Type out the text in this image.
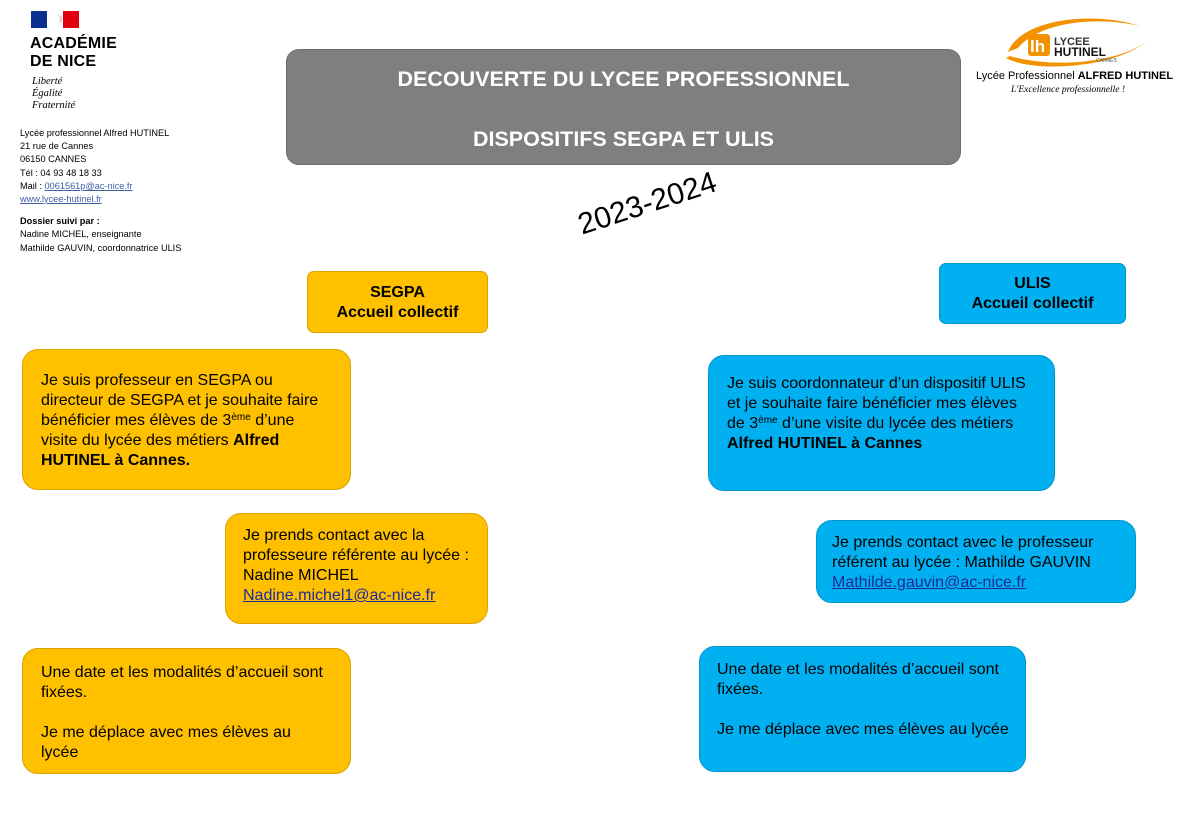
ACADÉMIE
DE NICE
Liberté
Égalité
Fraternité
Lycée professionnel Alfred HUTINEL
21 rue de Cannes
06150 CANNES
Tél : 04 93 48 18 33
Mail : 0061561p@ac-nice.fr
www.lycee-hutinel.fr
Dossier suivi par :
Nadine MICHEL, enseignante
Mathilde GAUVIN, coordonnatrice ULIS
DECOUVERTE DU LYCEE PROFESSIONNEL
DISPOSITIFS SEGPA ET ULIS
2023-2024
lh LYCEE
HUTINEL
CANNES
Lycée Professionnel ALFRED HUTINEL
L'Excellence professionnelle !
SEGPA
Accueil collectif
ULIS
Accueil collectif
Je suis professeur en SEGPA ou directeur de SEGPA et je souhaite faire bénéficier mes élèves de 3ème d’une visite du lycée des métiers Alfred HUTINEL à Cannes.
Je prends contact avec la professeure référente au lycée : Nadine MICHEL
Nadine.michel1@ac-nice.fr

Une date et les modalités d’accueil sont fixées.

Je me déplace avec mes élèves au lycée

Je suis coordonnateur d’un dispositif ULIS et je souhaite faire bénéficier mes élèves de 3ème d’une visite du lycée des métiers Alfred HUTINEL à Cannes
Je prends contact avec le professeur référent au lycée : Mathilde GAUVIN
Mathilde.gauvin@ac-nice.fr

Une date et les modalités d’accueil sont fixées.

Je me déplace avec mes élèves au lycée
